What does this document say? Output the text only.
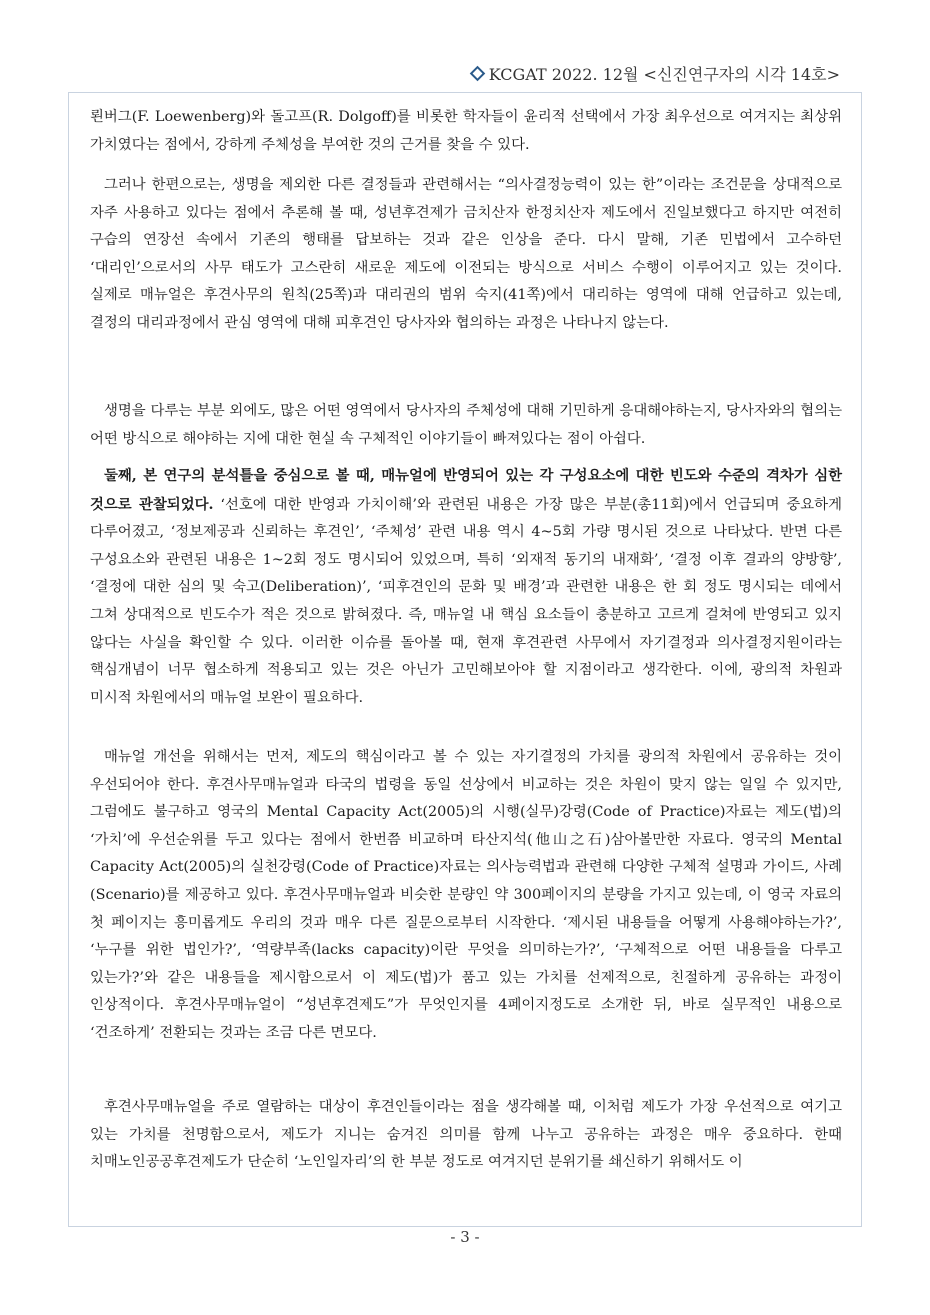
KCGAT 2022. 12월 <신진연구자의 시각 14호>
뢴버그(F. Loewenberg)와 돌고프(R. Dolgoff)를 비롯한 학자들이 윤리적 선택에서 가장 최우선으로 여겨지는 최상위 가치였다는 점에서, 강하게 주체성을 부여한 것의 근거를 찾을 수 있다.
그러나 한편으로는, 생명을 제외한 다른 결정들과 관련해서는 “의사결정능력이 있는 한”이라는 조건문을 상대적으로 자주 사용하고 있다는 점에서 추론해 볼 때, 성년후견제가 금치산자 한정치산자 제도에서 진일보했다고 하지만 여전히 구습의 연장선 속에서 기존의 행태를 답보하는 것과 같은 인상을 준다. 다시 말해, 기존 민법에서 고수하던 ‘대리인’으로서의 사무 태도가 고스란히 새로운 제도에 이전되는 방식으로 서비스 수행이 이루어지고 있는 것이다. 실제로 매뉴얼은 후견사무의 원칙(25쪽)과 대리권의 범위 숙지(41쪽)에서 대리하는 영역에 대해 언급하고 있는데, 결정의 대리과정에서 관심 영역에 대해 피후견인 당사자와 협의하는 과정은 나타나지 않는다.
생명을 다루는 부분 외에도, 많은 어떤 영역에서 당사자의 주체성에 대해 기민하게 응대해야하는지, 당사자와의 협의는 어떤 방식으로 해야하는 지에 대한 현실 속 구체적인 이야기들이 빠져있다는 점이 아쉽다.
둘째, 본 연구의 분석틀을 중심으로 볼 때, 매뉴얼에 반영되어 있는 각 구성요소에 대한 빈도와 수준의 격차가 심한 것으로 관찰되었다. ‘선호에 대한 반영과 가치이해’와 관련된 내용은 가장 많은 부분(총11회)에서 언급되며 중요하게 다루어졌고, ‘정보제공과 신뢰하는 후견인’, ‘주체성’ 관련 내용 역시 4~5회 가량 명시된 것으로 나타났다. 반면 다른 구성요소와 관련된 내용은 1~2회 정도 명시되어 있었으며, 특히 ‘외재적 동기의 내재화’, ‘결정 이후 결과의 양방향’, ‘결정에 대한 심의 및 숙고(Deliberation)’, ‘피후견인의 문화 및 배경’과 관련한 내용은 한 회 정도 명시되는 데에서 그쳐 상대적으로 빈도수가 적은 것으로 밝혀졌다. 즉, 매뉴얼 내 핵심 요소들이 충분하고 고르게 걸쳐에 반영되고 있지 않다는 사실을 확인할 수 있다. 이러한 이슈를 돌아볼 때, 현재 후견관련 사무에서 자기결정과 의사결정지원이라는 핵심개념이 너무 협소하게 적용되고 있는 것은 아닌가 고민해보아야 할 지점이라고 생각한다. 이에, 광의적 차원과 미시적 차원에서의 매뉴얼 보완이 필요하다.
매뉴얼 개선을 위해서는 먼저, 제도의 핵심이라고 볼 수 있는 자기결정의 가치를 광의적 차원에서 공유하는 것이 우선되어야 한다. 후견사무매뉴얼과 타국의 법령을 동일 선상에서 비교하는 것은 차원이 맞지 않는 일일 수 있지만, 그럼에도 불구하고 영국의 Mental Capacity Act(2005)의 시행(실무)강령(Code of Practice)자료는 제도(법)의 ‘가치’에 우선순위를 두고 있다는 점에서 한번쯤 비교하며 타산지석(他山之石)삼아볼만한 자료다. 영국의 Mental Capacity Act(2005)의 실천강령(Code of Practice)자료는 의사능력법과 관련해 다양한 구체적 설명과 가이드, 사례(Scenario)를 제공하고 있다. 후견사무매뉴얼과 비슷한 분량인 약 300페이지의 분량을 가지고 있는데, 이 영국 자료의 첫 페이지는 흥미롭게도 우리의 것과 매우 다른 질문으로부터 시작한다. ‘제시된 내용들을 어떻게 사용해야하는가?’, ‘누구를 위한 법인가?’, ‘역량부족(lacks capacity)이란 무엇을 의미하는가?’, ‘구체적으로 어떤 내용들을 다루고 있는가?’와 같은 내용들을 제시함으로서 이 제도(법)가 품고 있는 가치를 선제적으로, 친절하게 공유하는 과정이 인상적이다. 후견사무매뉴얼이 “성년후견제도”가 무엇인지를 4페이지정도로 소개한 뒤, 바로 실무적인 내용으로 ‘건조하게’ 전환되는 것과는 조금 다른 면모다.
후견사무매뉴얼을 주로 열람하는 대상이 후견인들이라는 점을 생각해볼 때, 이처럼 제도가 가장 우선적으로 여기고 있는 가치를 천명함으로서, 제도가 지니는 숨겨진 의미를 함께 나누고 공유하는 과정은 매우 중요하다. 한때 치매노인공공후견제도가 단순히 ‘노인일자리’의 한 부분 정도로 여겨지던 분위기를 쇄신하기 위해서도 이
- 3 -
